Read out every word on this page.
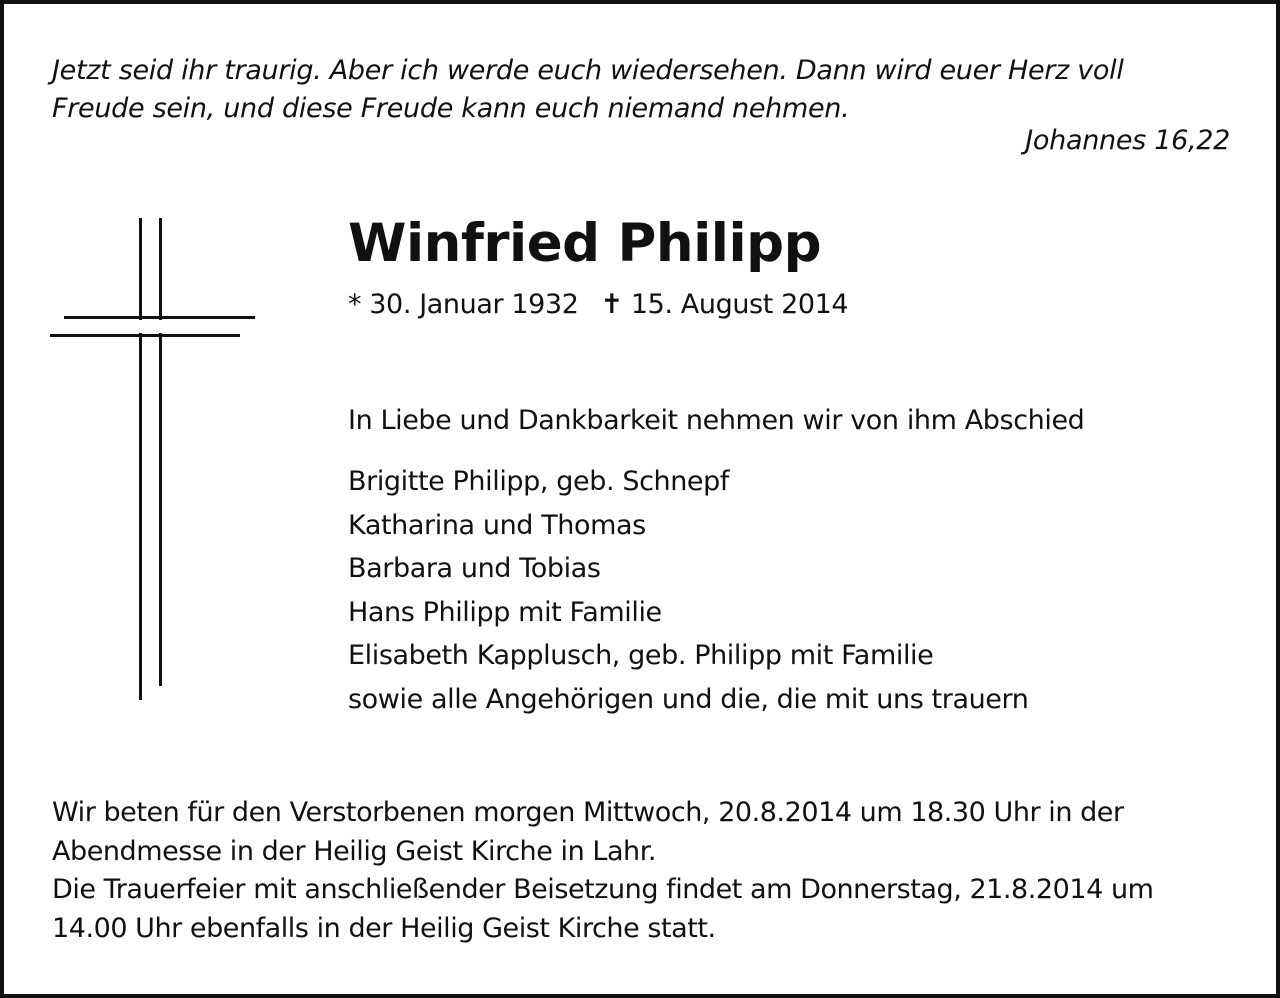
Jetzt seid ihr traurig. Aber ich werde euch wiedersehen. Dann wird euer Herz voll
Freude sein, und diese Freude kann euch niemand nehmen.
Johannes 16,22
Winfried Philipp
* 30. Januar 1932 ✝ 15. August 2014
In Liebe und Dankbarkeit nehmen wir von ihm Abschied
Brigitte Philipp, geb. Schnepf
Katharina und Thomas
Barbara und Tobias
Hans Philipp mit Familie
Elisabeth Kapplusch, geb. Philipp mit Familie
sowie alle Angehörigen und die, die mit uns trauern
Wir beten für den Verstorbenen morgen Mittwoch, 20.8.2014 um 18.30 Uhr in der
Abendmesse in der Heilig Geist Kirche in Lahr.
Die Trauerfeier mit anschließender Beisetzung findet am Donnerstag, 21.8.2014 um
14.00 Uhr ebenfalls in der Heilig Geist Kirche statt.
